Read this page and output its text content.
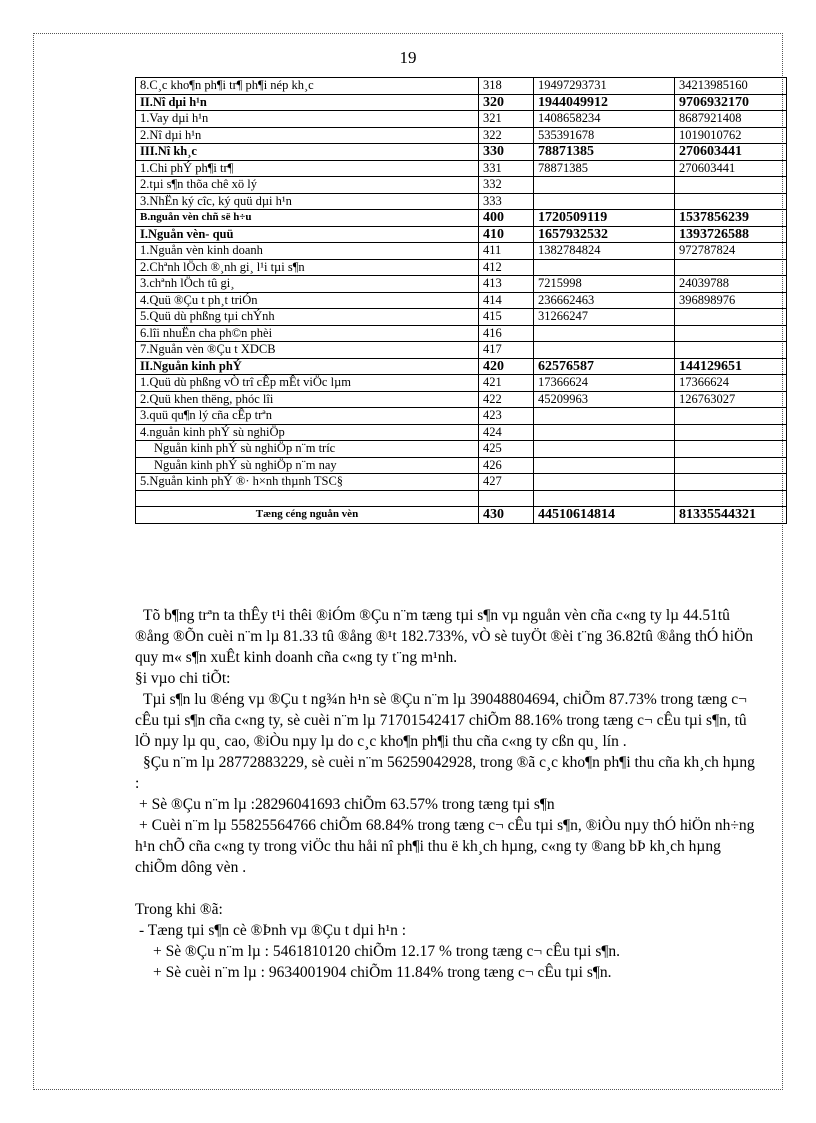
19
8.C¸c kho¶n ph¶i tr¶ ph¶i nép kh¸c	318	19497293731	34213985160
II.Nî dµi h¹n	320	1944049912	9706932170
1.Vay dµi h¹n	321	1408658234	8687921408
2.Nî dµi h¹n	322	535391678	1019010762
III.Nî kh¸c	330	78871385	270603441
1.Chi phÝ ph¶i tr¶	331	78871385	270603441
2.tµi s¶n thõa chê xö lý	332		
3.NhËn ký cîc, ký quü dµi h¹n	333		
B.nguån vèn chñ së h÷u	400	1720509119	1537856239
I.Nguån vèn- quü	410	1657932532	1393726588
1.Nguån vèn kinh doanh	411	1382784824	972787824
2.Chªnh lÖch ®¸nh gi¸ l¹i tµi s¶n	412		
3.chªnh lÖch tû gi¸	413	7215998	24039788
4.Quü ®Çu t ph¸t triÓn	414	236662463	396898976
5.Quü dù phßng tµi chÝnh	415	31266247	
6.lîi nhuËn cha ph©n phèi	416		
7.Nguån vèn ®Çu t XDCB	417		
II.Nguån kinh phÝ	420	62576587	144129651
1.Quü dù phßng vÒ trî cÊp mÊt viÖc lµm	421	17366624	17366624
2.Quü khen thëng, phóc lîi	422	45209963	126763027
3.quü qu¶n lý cña cÊp trªn	423		
4.nguån kinh phÝ sù nghiÖp	424		
Nguån kinh phÝ sù nghiÖp n¨m tríc	425		
Nguån kinh phÝ sù nghiÖp n¨m nay	426		
5.Nguån kinh phÝ ®· h×nh thµnh TSC§	427		

Tæng céng nguån vèn	430	44510614814	81335544321

Tõ b¶ng trªn ta thÊy t¹i thêi ®iÓm ®Çu n¨m tæng tµi s¶n vµ nguån vèn cña c«ng ty lµ 44.51tû ®ång ®Õn cuèi n¨m lµ 81.33 tû ®ång ®¹t 182.733%, vÒ sè tuyÖt ®èi t¨ng 36.82tû ®ång thÓ hiÖn quy m« s¶n xuÊt kinh doanh cña c«ng ty t¨ng m¹nh.

§i vµo chi tiÕt:

Tµi s¶n lu ®éng vµ ®Çu t ng¾n h¹n sè ®Çu n¨m lµ 39048804694, chiÕm 87.73% trong tæng c¬ cÊu tµi s¶n cña c«ng ty, sè cuèi n¨m lµ 71701542417 chiÕm 88.16% trong tæng c¬ cÊu tµi s¶n, tû lÖ nµy lµ qu¸ cao, ®iÒu nµy lµ do c¸c kho¶n ph¶i thu cña c«ng ty cßn qu¸ lín .

§Çu n¨m lµ 28772883229, sè cuèi n¨m 56259042928, trong ®ã c¸c kho¶n ph¶i thu cña kh¸ch hµng :

+ Sè ®Çu n¨m lµ :28296041693 chiÕm 63.57% trong tæng tµi s¶n

+ Cuèi n¨m lµ 55825564766 chiÕm 68.84% trong tæng c¬ cÊu tµi s¶n, ®iÒu nµy thÓ hiÖn nh÷ng h¹n chÕ cña c«ng ty trong viÖc thu håi nî ph¶i thu ë kh¸ch hµng, c«ng ty ®ang bÞ kh¸ch hµng chiÕm dông vèn .

Trong khi ®ã:

- Tæng tµi s¶n cè ®Þnh vµ ®Çu t dµi h¹n :

+ Sè ®Çu n¨m lµ : 5461810120 chiÕm 12.17 % trong tæng c¬ cÊu tµi s¶n.

+ Sè cuèi n¨m lµ : 9634001904 chiÕm 11.84% trong tæng c¬ cÊu tµi s¶n.
